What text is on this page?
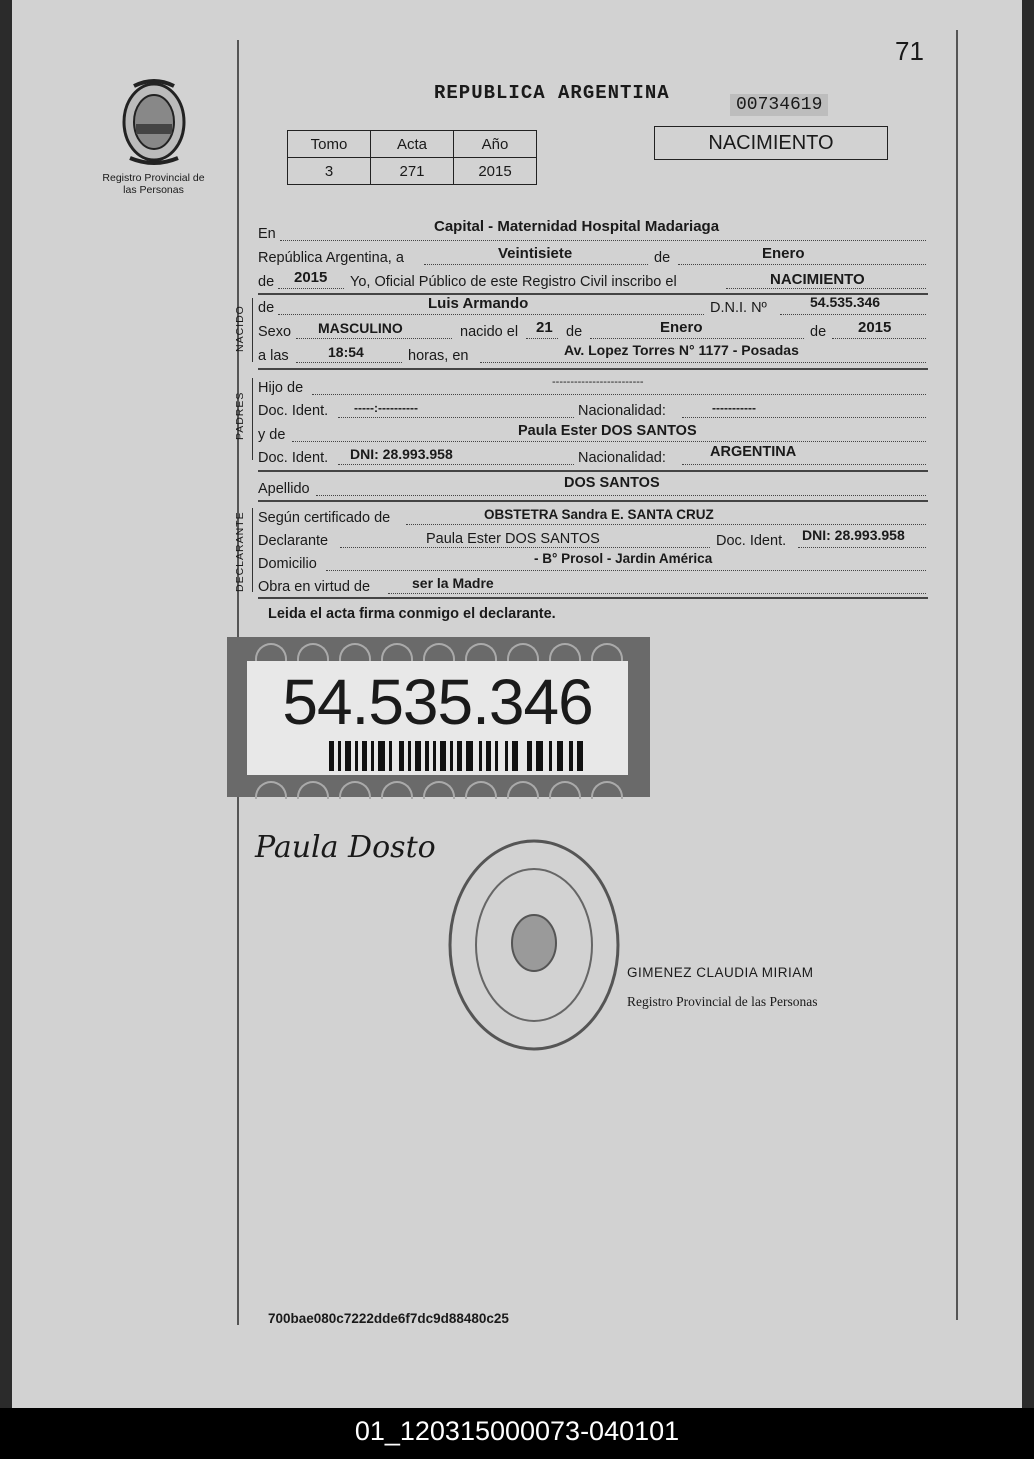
71
Registro Provincial de las Personas
REPUBLICA ARGENTINA
00734619
Tomo	Acta	Año
3	271	2015
NACIMIENTO
En	Capital - Maternidad Hospital Madariaga
República Argentina, a	Veintisiete	de	Enero
de 2015 Yo, Oficial Público de este Registro Civil inscribo el	NACIMIENTO
NACIDO de	Luis Armando	D.N.I. Nº	54.535.346
Sexo MASCULINO	nacido el 21 de	Enero	de 2015
a las	18:54	horas, en	Av. Lopez Torres N° 1177 - Posadas
PADRES
Hijo de	-------------------------
Doc. Ident. -----:----------	Nacionalidad:	-----------
y de	Paula Ester DOS SANTOS
Doc. Ident. DNI: 28.993.958	Nacionalidad:	ARGENTINA
Apellido	DOS SANTOS
DECLARANTE Según certificado de	OBSTETRA Sandra E. SANTA CRUZ
Declarante	Paula Ester DOS SANTOS	Doc. Ident. DNI: 28.993.958
Domicilio	- B° Prosol - Jardin América
Obra en virtud de	ser la Madre
Leida el acta firma conmigo el declarante.
54.535.346
Paula Dosto
GIMENEZ CLAUDIA MIRIAM
Registro Provincial de las Personas
700bae080c7222dde6f7dc9d88480c25
01_120315000073-040101
